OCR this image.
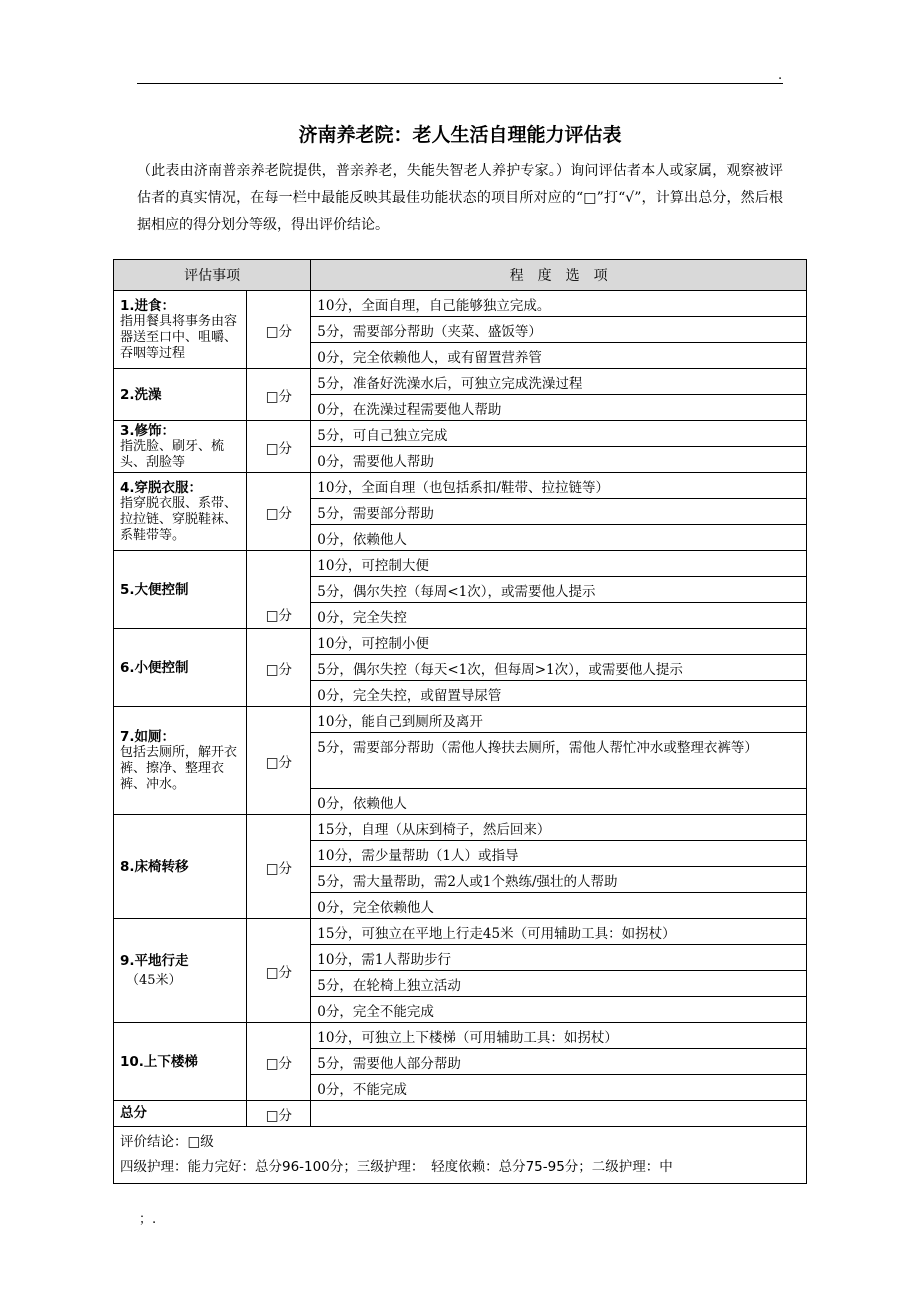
.
济南养老院：老人生活自理能力评估表
（此表由济南普亲养老院提供，普亲养老，失能失智老人养护专家。）询问评估者本人或家属，观察被评估者的真实情况，在每一栏中最能反映其最佳功能状态的项目所对应的“□”打“√”，计算出总分，然后根据相应的得分划分等级，得出评价结论。
评估事项		程　度　选　项

1.进食：
指用餐具将事务由容器送至口中、咀嚼、吞咽等过程	□分	10分，全面自理，自己能够独立完成。
		5分，需要部分帮助（夹菜、盛饭等）
		0分，完全依赖他人，或有留置营养管

2.洗澡	□分	5分，准备好洗澡水后，可独立完成洗澡过程
		0分，在洗澡过程需要他人帮助

3.修饰：
指洗脸、刷牙、梳头、刮脸等	□分	5分，可自己独立完成
		0分，需要他人帮助

4.穿脱衣服：
指穿脱衣服、系带、拉拉链、穿脱鞋袜、系鞋带等。	□分	10分，全面自理（也包括系扣/鞋带、拉拉链等）
		5分，需要部分帮助
		0分，依赖他人

5.大便控制	□分	10分，可控制大便
		5分，偶尔失控（每周<1次），或需要他人提示
		0分，完全失控

6.小便控制	□分	10分，可控制小便
		5分，偶尔失控（每天<1次，但每周>1次），或需要他人提示
		0分，完全失控，或留置导尿管

7.如厕：
包括去厕所，解开衣裤、擦净、整理衣裤、冲水。	□分	10分，能自己到厕所及离开
		5分，需要部分帮助（需他人搀扶去厕所，需他人帮忙冲水或整理衣裤等）
		0分，依赖他人

8.床椅转移	□分	15分，自理（从床到椅子，然后回来）
		10分，需少量帮助（1人）或指导
		5分，需大量帮助，需2人或1个熟练/强壮的人帮助
		0分，完全依赖他人

9.平地行走
（45米）	□分	15分，可独立在平地上行走45米（可用辅助工具：如拐杖）
		10分，需1人帮助步行
		5分，在轮椅上独立活动
		0分，完全不能完成

10.上下楼梯	□分	10分，可独立上下楼梯（可用辅助工具：如拐杖）
		5分，需要他人部分帮助
		0分，不能完成
总分	□分	

评价结论：□级
四级护理：能力完好：总分96-100分；三级护理：　轻度依赖：总分75-95分；二级护理：中		
；.
